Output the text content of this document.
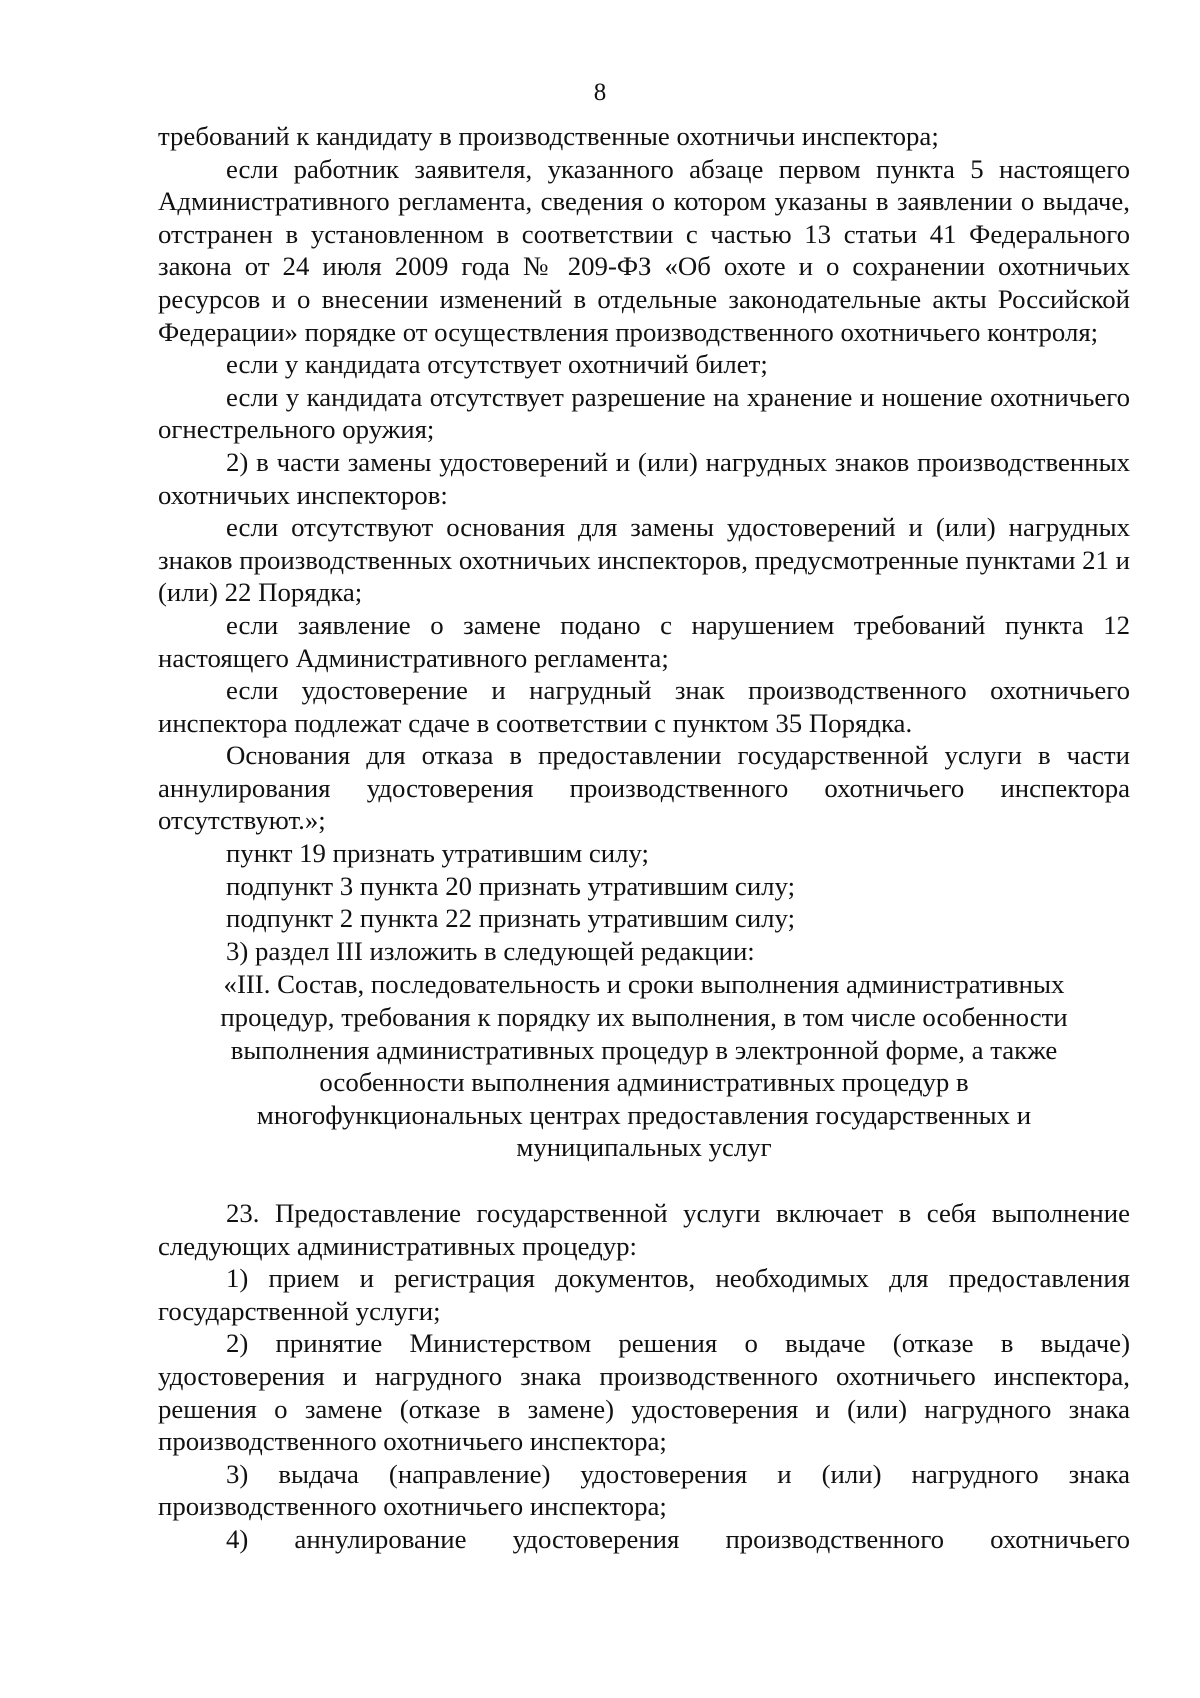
8

требований к кандидату в производственные охотничьи инспектора;

если работник заявителя, указанного абзаце первом пункта 5 настоящего Административного регламента, сведения о котором указаны в заявлении о выдаче, отстранен в установленном в соответствии с частью 13 статьи 41 Федерального закона от 24 июля 2009 года № 209-ФЗ «Об охоте и о сохранении охотничьих ресурсов и о внесении изменений в отдельные законодательные акты Российской Федерации» порядке от осуществления производственного охотничьего контроля;

если у кандидата отсутствует охотничий билет;

если у кандидата отсутствует разрешение на хранение и ношение охотничьего огнестрельного оружия;

2) в части замены удостоверений и (или) нагрудных знаков производственных охотничьих инспекторов:

если отсутствуют основания для замены удостоверений и (или) нагрудных знаков производственных охотничьих инспекторов, предусмотренные пунктами 21 и (или) 22 Порядка;

если заявление о замене подано с нарушением требований пункта 12 настоящего Административного регламента;

если удостоверение и нагрудный знак производственного охотничьего инспектора подлежат сдаче в соответствии с пунктом 35 Порядка.

Основания для отказа в предоставлении государственной услуги в части аннулирования удостоверения производственного охотничьего инспектора отсутствуют.»;

пункт 19 признать утратившим силу;

подпункт 3 пункта 20 признать утратившим силу;

подпункт 2 пункта 22 признать утратившим силу;

3) раздел III изложить в следующей редакции:

«III. Состав, последовательность и сроки выполнения административных
процедур, требования к порядку их выполнения, в том числе особенности
выполнения административных процедур в электронной форме, а также
особенности выполнения административных процедур в
многофункциональных центрах предоставления государственных и
муниципальных услуг

23. Предоставление государственной услуги включает в себя выполнение следующих административных процедур:

1) прием и регистрация документов, необходимых для предоставления государственной услуги;

2) принятие Министерством решения о выдаче (отказе в выдаче) удостоверения и нагрудного знака производственного охотничьего инспектора, решения о замене (отказе в замене) удостоверения и (или) нагрудного знака производственного охотничьего инспектора;

3) выдача (направление) удостоверения и (или) нагрудного знака производственного охотничьего инспектора;

4) аннулирование удостоверения производственного охотничьего
